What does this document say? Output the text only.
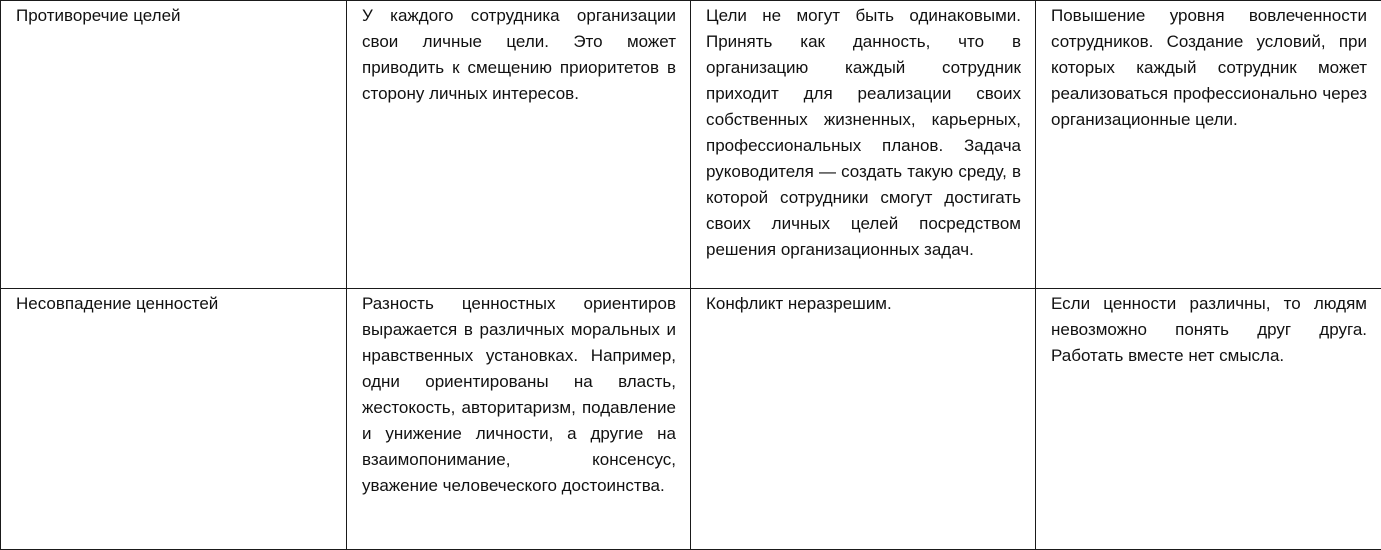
Противоречие целей	У каждого сотрудника организации свои личные цели. Это может приводить к смещению приоритетов в сторону личных интересов.	Цели не могут быть одинаковыми. Принять как данность, что в организацию каждый сотрудник приходит для реализации своих собственных жизненных, карьерных, профессиональных планов. Задача руководителя — создать такую среду, в которой сотрудники смогут достигать своих личных целей посредством решения организационных задач.	Повышение уровня вовлеченности сотрудников. Создание условий, при которых каждый сотрудник может реализоваться профессионально через организационные цели.
Несовпадение ценностей	Разность ценностных ориентиров выражается в различных моральных и нравственных установках. Например, одни ориентированы на власть, жестокость, авторитаризм, подавление и унижение личности, а другие на взаимопонимание, консенсус, уважение человеческого достоинства.	Конфликт неразрешим.	Если ценности различны, то людям невозможно понять друг друга. Работать вместе нет смысла.
